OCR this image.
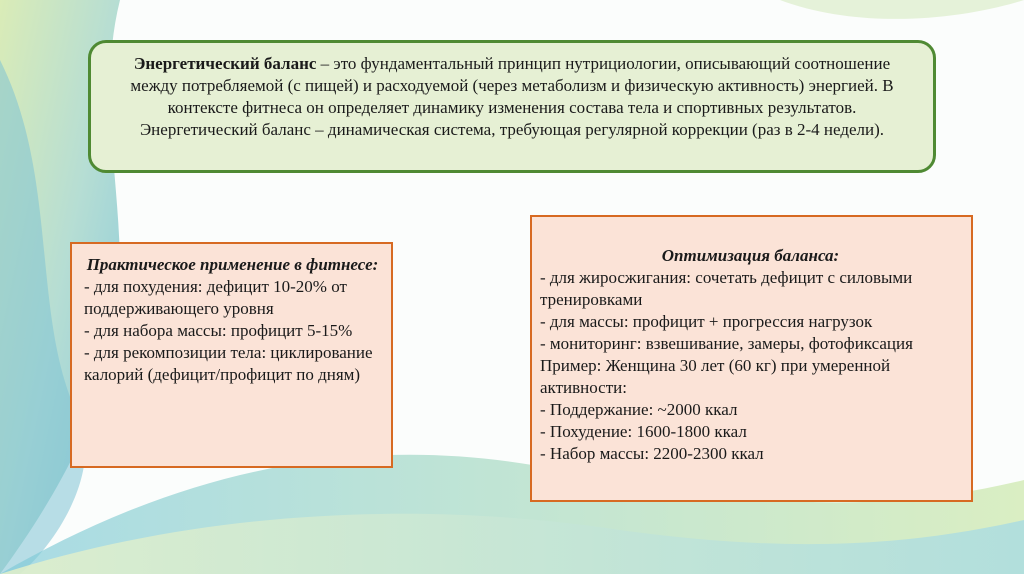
Энергетический баланс – это фундаментальный принцип нутрициологии, описывающий соотношение между потребляемой (с пищей) и расходуемой (через метаболизм и физическую активность) энергией. В контексте фитнеса он определяет динамику изменения состава тела и спортивных результатов. Энергетический баланс – динамическая система, требующая регулярной коррекции (раз в 2-4 недели).
Практическое применение в фитнесе:
- для похудения: дефицит 10-20% от поддерживающего уровня
- для набора массы: профицит 5-15%
- для рекомпозиции тела: циклирование калорий (дефицит/профицит по дням)
Оптимизация баланса:
- для жиросжигания: сочетать дефицит с силовыми тренировками
- для массы: профицит + прогрессия нагрузок
- мониторинг: взвешивание, замеры, фотофиксация
Пример: Женщина 30 лет (60 кг) при умеренной активности:
- Поддержание: ~2000 ккал
- Похудение: 1600-1800 ккал
- Набор массы: 2200-2300 ккал
